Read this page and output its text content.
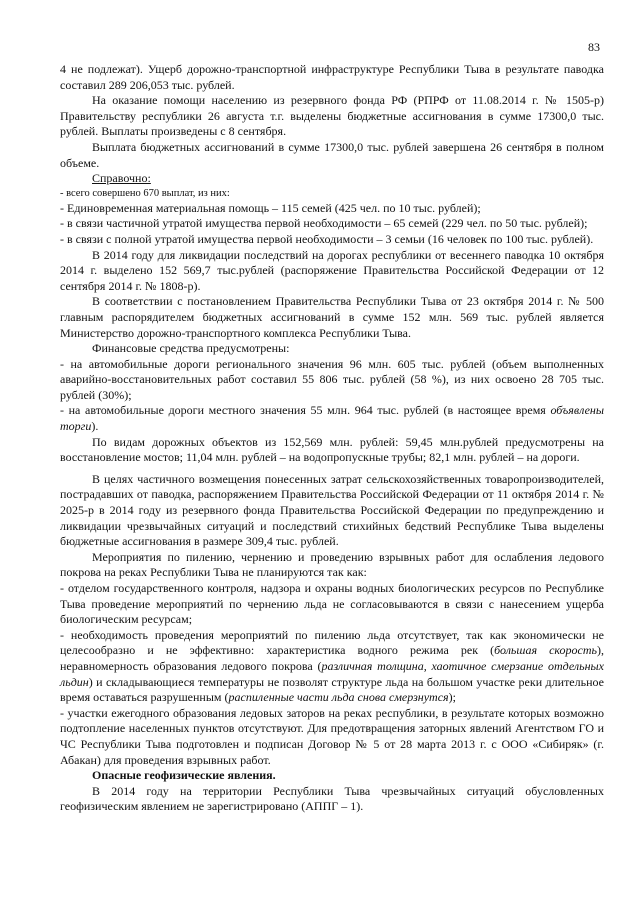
83

4 не подлежат). Ущерб дорожно-транспортной инфраструктуре Республики Тыва в результате паводка составил 289 206,053 тыс. рублей.

На оказание помощи населению из резервного фонда РФ (РПРФ от 11.08.2014 г. № 1505-р) Правительству республики 26 августа т.г. выделены бюджетные ассигнования в сумме 17300,0 тыс. рублей. Выплаты произведены с 8 сентября.

Выплата бюджетных ассигнований в сумме 17300,0 тыс. рублей завершена 26 сентября в полном объеме.

Справочно:

- всего совершено 670 выплат, из них:

- Единовременная материальная помощь – 115 семей (425 чел. по 10 тыс. рублей);

- в связи частичной утратой имущества первой необходимости – 65 семей (229 чел. по 50 тыс. рублей);

- в связи с полной утратой имущества первой необходимости – 3 семьи (16 человек по 100 тыс. рублей).

В 2014 году для ликвидации последствий на дорогах республики от весеннего паводка 10 октября 2014 г. выделено 152 569,7 тыс.рублей (распоряжение Правительства Российской Федерации от 12 сентября 2014 г. № 1808-р).

В соответствии с постановлением Правительства Республики Тыва от 23 октября 2014 г. № 500 главным распорядителем бюджетных ассигнований в сумме 152 млн. 569 тыс. рублей является Министерство дорожно-транспортного комплекса Республики Тыва.

Финансовые средства предусмотрены:

- на автомобильные дороги регионального значения 96 млн. 605 тыс. рублей (объем выполненных аварийно-восстановительных работ составил 55 806 тыс. рублей (58 %), из них освоено 28 705 тыс. рублей (30%);

- на автомобильные дороги местного значения 55 млн. 964 тыс. рублей (в настоящее время объявлены торги).

По видам дорожных объектов из 152,569 млн. рублей: 59,45 млн.рублей предусмотрены на восстановление мостов; 11,04 млн. рублей – на водопропускные трубы; 82,1 млн. рублей – на дороги.

В целях частичного возмещения понесенных затрат сельскохозяйственных товаропроизводителей, пострадавших от паводка, распоряжением Правительства Российской Федерации от 11 октября 2014 г. № 2025-р в 2014 году из резервного фонда Правительства Российской Федерации по предупреждению и ликвидации чрезвычайных ситуаций и последствий стихийных бедствий Республике Тыва выделены бюджетные ассигнования в размере 309,4 тыс. рублей.

Мероприятия по пилению, чернению и проведению взрывных работ для ослабления ледового покрова на реках Республики Тыва не планируются так как:

- отделом государственного контроля, надзора и охраны водных биологических ресурсов по Республике Тыва проведение мероприятий по чернению льда не согласовываются в связи с нанесением ущерба биологическим ресурсам;

- необходимость проведения мероприятий по пилению льда отсутствует, так как экономически не целесообразно и не эффективно: характеристика водного режима рек (большая скорость), неравномерность образования ледового покрова (различная толщина, хаотичное смерзание отдельных льдин) и складывающиеся температуры не позволят структуре льда на большом участке реки длительное время оставаться разрушенным (распиленные части льда снова смерзнутся);

- участки ежегодного образования ледовых заторов на реках республики, в результате которых возможно подтопление населенных пунктов отсутствуют. Для предотвращения заторных явлений Агентством ГО и ЧС Республики Тыва подготовлен и подписан Договор № 5 от 28 марта 2013 г. с ООО «Сибиряк» (г. Абакан) для проведения взрывных работ.

Опасные геофизические явления.

В 2014 году на территории Республики Тыва чрезвычайных ситуаций обусловленных геофизическим явлением не зарегистрировано (АППГ – 1).
